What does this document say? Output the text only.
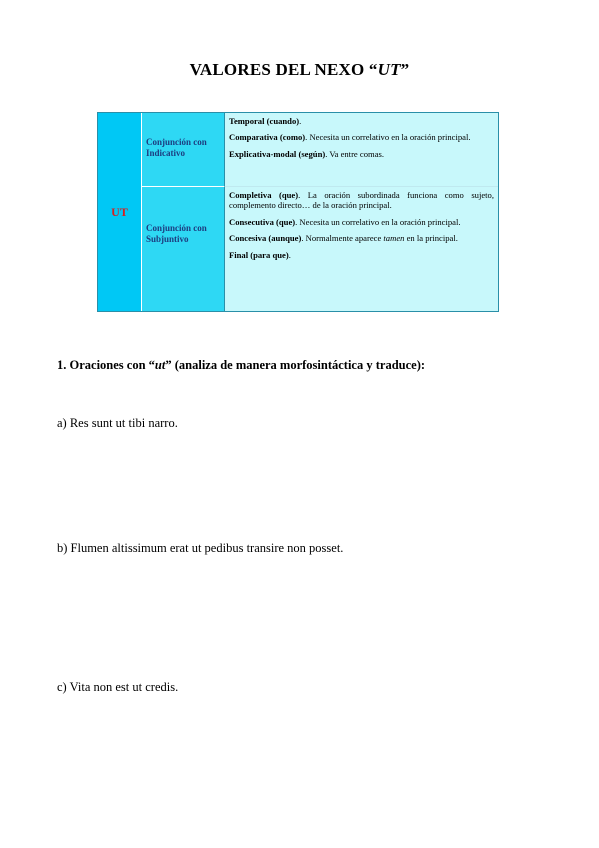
VALORES DEL NEXO “UT”
UT
Conjunción con Indicativo

Temporal (cuando).

Comparativa (como). Necesita un correlativo en la oración principal.

Explicativa-modal (según). Va entre comas.

Conjunción con Subjuntivo

Completiva (que). La oración subordinada funciona como sujeto, complemento directo… de la oración principal.

Consecutiva (que). Necesita un correlativo en la oración principal.

Concesiva (aunque). Normalmente aparece tamen en la principal.

Final (para que).

1. Oraciones con “ut” (analiza de manera morfosintáctica y traduce):
a) Res sunt ut tibi narro.
b) Flumen altissimum erat ut pedibus transire non posset.
c) Vita non est ut credis.
